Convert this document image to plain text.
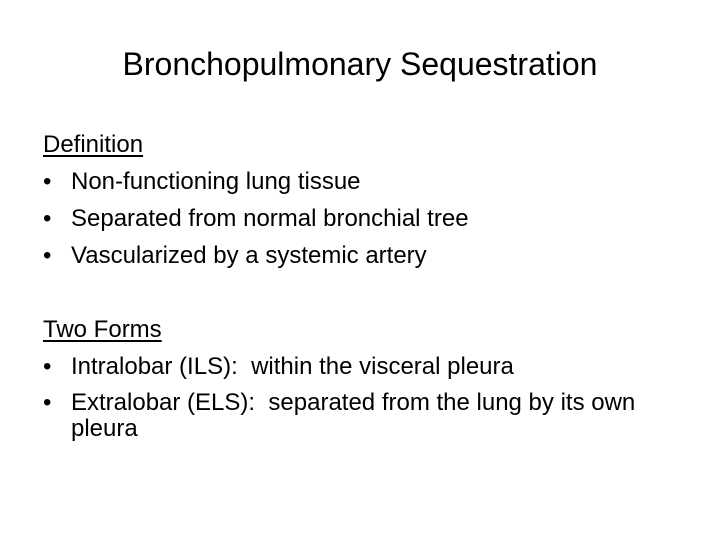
Bronchopulmonary Sequestration
Definition
• Non-functioning lung tissue
• Separated from normal bronchial tree
• Vascularized by a systemic artery
Two Forms
• Intralobar (ILS):  within the visceral pleura
• Extralobar (ELS):  separated from the lung by its own pleura
